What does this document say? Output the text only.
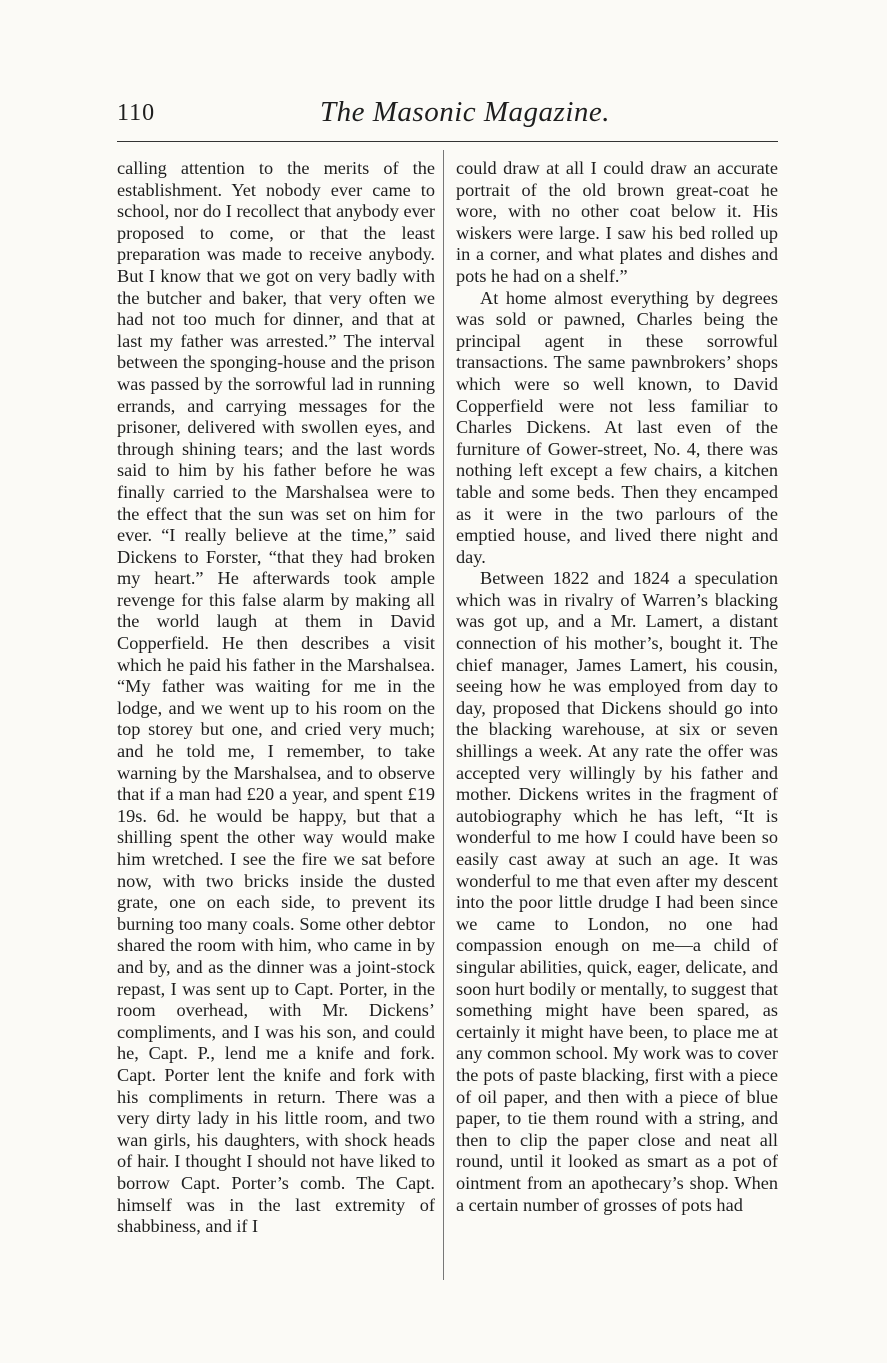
110	The Masonic Magazine.

calling attention to the merits of the establishment. Yet nobody ever came to school, nor do I recollect that anybody ever proposed to come, or that the least preparation was made to receive anybody. But I know that we got on very badly with the butcher and baker, that very often we had not too much for dinner, and that at last my father was arrested.” The interval between the sponging-house and the prison was passed by the sorrowful lad in running errands, and carrying messages for the prisoner, delivered with swollen eyes, and through shining tears; and the last words said to him by his father before he was finally carried to the Marshalsea were to the effect that the sun was set on him for ever. “I really believe at the time,” said Dickens to Forster, “that they had broken my heart.” He afterwards took ample revenge for this false alarm by making all the world laugh at them in David Copperfield. He then describes a visit which he paid his father in the Marshalsea. “My father was waiting for me in the lodge, and we went up to his room on the top storey but one, and cried very much; and he told me, I remember, to take warning by the Marshalsea, and to observe that if a man had £20 a year, and spent £19 19s. 6d. he would be happy, but that a shilling spent the other way would make him wretched. I see the fire we sat before now, with two bricks inside the dusted grate, one on each side, to prevent its burning too many coals. Some other debtor shared the room with him, who came in by and by, and as the dinner was a joint-stock repast, I was sent up to Capt. Porter, in the room overhead, with Mr. Dickens’ compliments, and I was his son, and could he, Capt. P., lend me a knife and fork. Capt. Porter lent the knife and fork with his compliments in return. There was a very dirty lady in his little room, and two wan girls, his daughters, with shock heads of hair. I thought I should not have liked to borrow Capt. Porter’s comb. The Capt. himself was in the last extremity of shabbiness, and if I

could draw at all I could draw an accurate portrait of the old brown great-coat he wore, with no other coat below it. His wiskers were large. I saw his bed rolled up in a corner, and what plates and dishes and pots he had on a shelf.”

At home almost everything by degrees was sold or pawned, Charles being the principal agent in these sorrowful transactions. The same pawnbrokers’ shops which were so well known, to David Copperfield were not less familiar to Charles Dickens. At last even of the furniture of Gower-street, No. 4, there was nothing left except a few chairs, a kitchen table and some beds. Then they encamped as it were in the two parlours of the emptied house, and lived there night and day.

Between 1822 and 1824 a speculation which was in rivalry of Warren’s blacking was got up, and a Mr. Lamert, a distant connection of his mother’s, bought it. The chief manager, James Lamert, his cousin, seeing how he was employed from day to day, proposed that Dickens should go into the blacking warehouse, at six or seven shillings a week. At any rate the offer was accepted very willingly by his father and mother. Dickens writes in the fragment of autobiography which he has left, “It is wonderful to me how I could have been so easily cast away at such an age. It was wonderful to me that even after my descent into the poor little drudge I had been since we came to London, no one had compassion enough on me—a child of singular abilities, quick, eager, delicate, and soon hurt bodily or mentally, to suggest that something might have been spared, as certainly it might have been, to place me at any common school. My work was to cover the pots of paste blacking, first with a piece of oil paper, and then with a piece of blue paper, to tie them round with a string, and then to clip the paper close and neat all round, until it looked as smart as a pot of ointment from an apothecary’s shop. When a certain number of grosses of pots had
